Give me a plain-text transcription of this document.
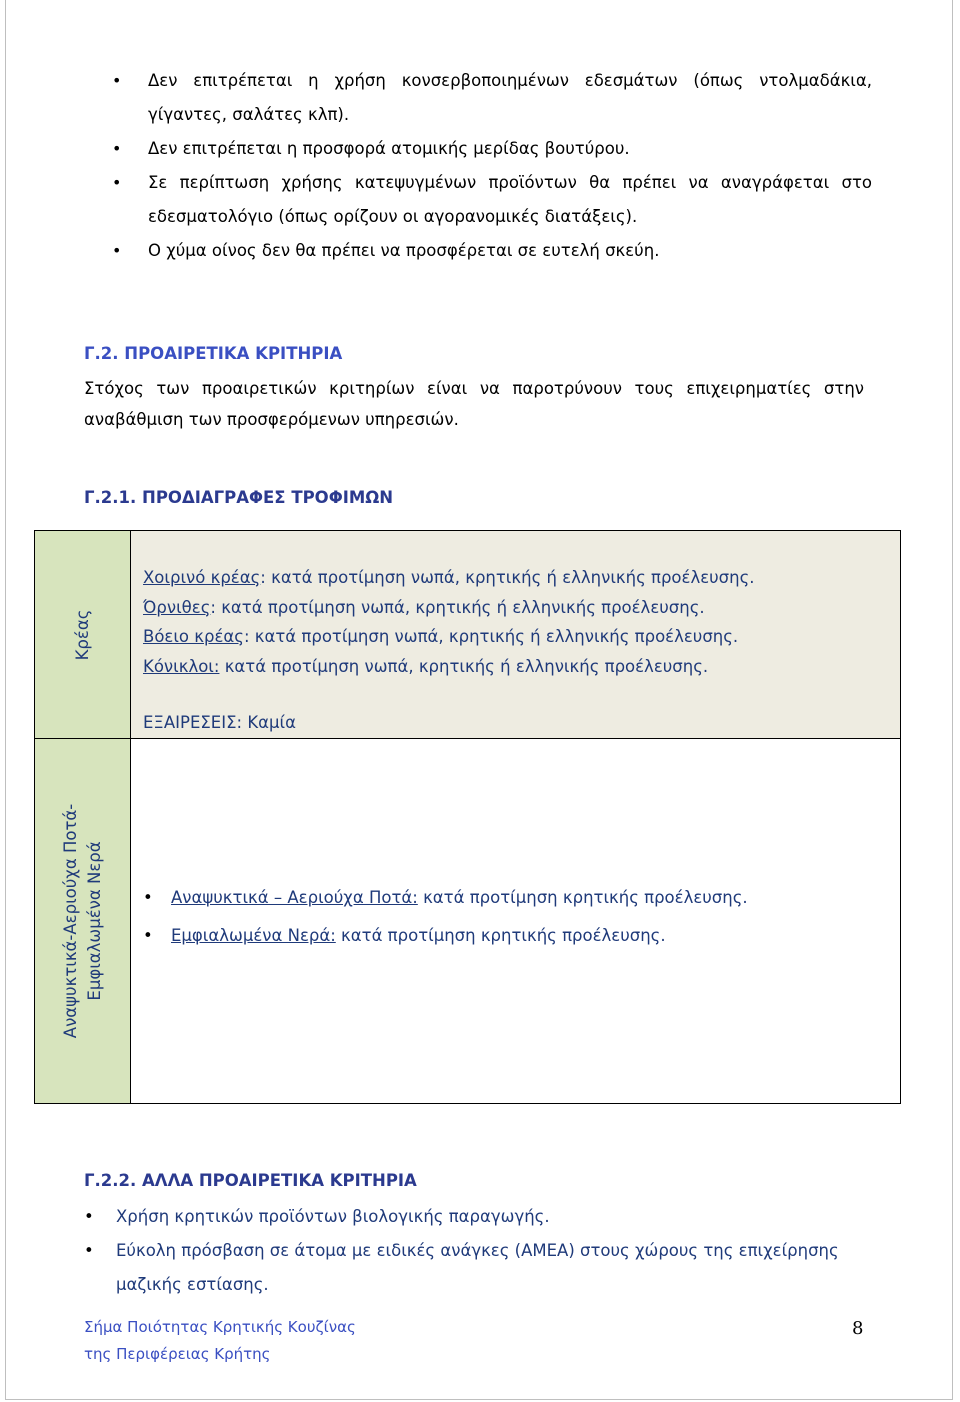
• Δεν επιτρέπεται η χρήση κονσερβοποιημένων εδεσμάτων (όπως ντολμαδάκια, γίγαντες, σαλάτες κλπ).
• Δεν επιτρέπεται η προσφορά ατομικής μερίδας βουτύρου.
• Σε περίπτωση χρήσης κατεψυγμένων προϊόντων θα πρέπει να αναγράφεται στο εδεσματολόγιο (όπως ορίζουν οι αγορανομικές διατάξεις).
• Ο χύμα οίνος δεν θα πρέπει να προσφέρεται σε ευτελή σκεύη.
Γ.2. ΠΡΟΑΙΡΕΤΙΚΑ ΚΡΙΤΗΡΙΑ

Στόχος των προαιρετικών κριτηρίων είναι να παροτρύνουν τους επιχειρηματίες στην αναβάθμιση των προσφερόμενων υπηρεσιών.

Γ.2.1. ΠΡΟΔΙΑΓΡΑΦΕΣ ΤΡΟΦΙΜΩΝ
Κρέας
Χοιρινό κρέας: κατά προτίμηση νωπά, κρητικής ή ελληνικής προέλευσης.
Όρνιθες: κατά προτίμηση νωπά, κρητικής ή ελληνικής προέλευσης.
Βόειο κρέας: κατά προτίμηση νωπά, κρητικής ή ελληνικής προέλευσης.
Κόνικλοι: κατά προτίμηση νωπά, κρητικής ή ελληνικής προέλευσης.
ΕΞΑΙΡΕΣΕΙΣ: Καμία
Αναψυκτικά-Αεριούχα Ποτά- Εμφιαλωμένα Νερά • Αναψυκτικά – Αεριούχα Ποτά: κατά προτίμηση κρητικής προέλευσης.
• Εμφιαλωμένα Νερά: κατά προτίμηση κρητικής προέλευσης.
Γ.2.2. ΑΛΛΑ ΠΡΟΑΙΡΕΤΙΚΑ ΚΡΙΤΗΡΙΑ
• Χρήση κρητικών προϊόντων βιολογικής παραγωγής.
• Εύκολη πρόσβαση σε άτομα με ειδικές ανάγκες (ΑΜΕΑ) στους χώρους της επιχείρησης μαζικής εστίασης.
Σήμα Ποιότητας Κρητικής Κουζίνας
της Περιφέρειας Κρήτης
8
